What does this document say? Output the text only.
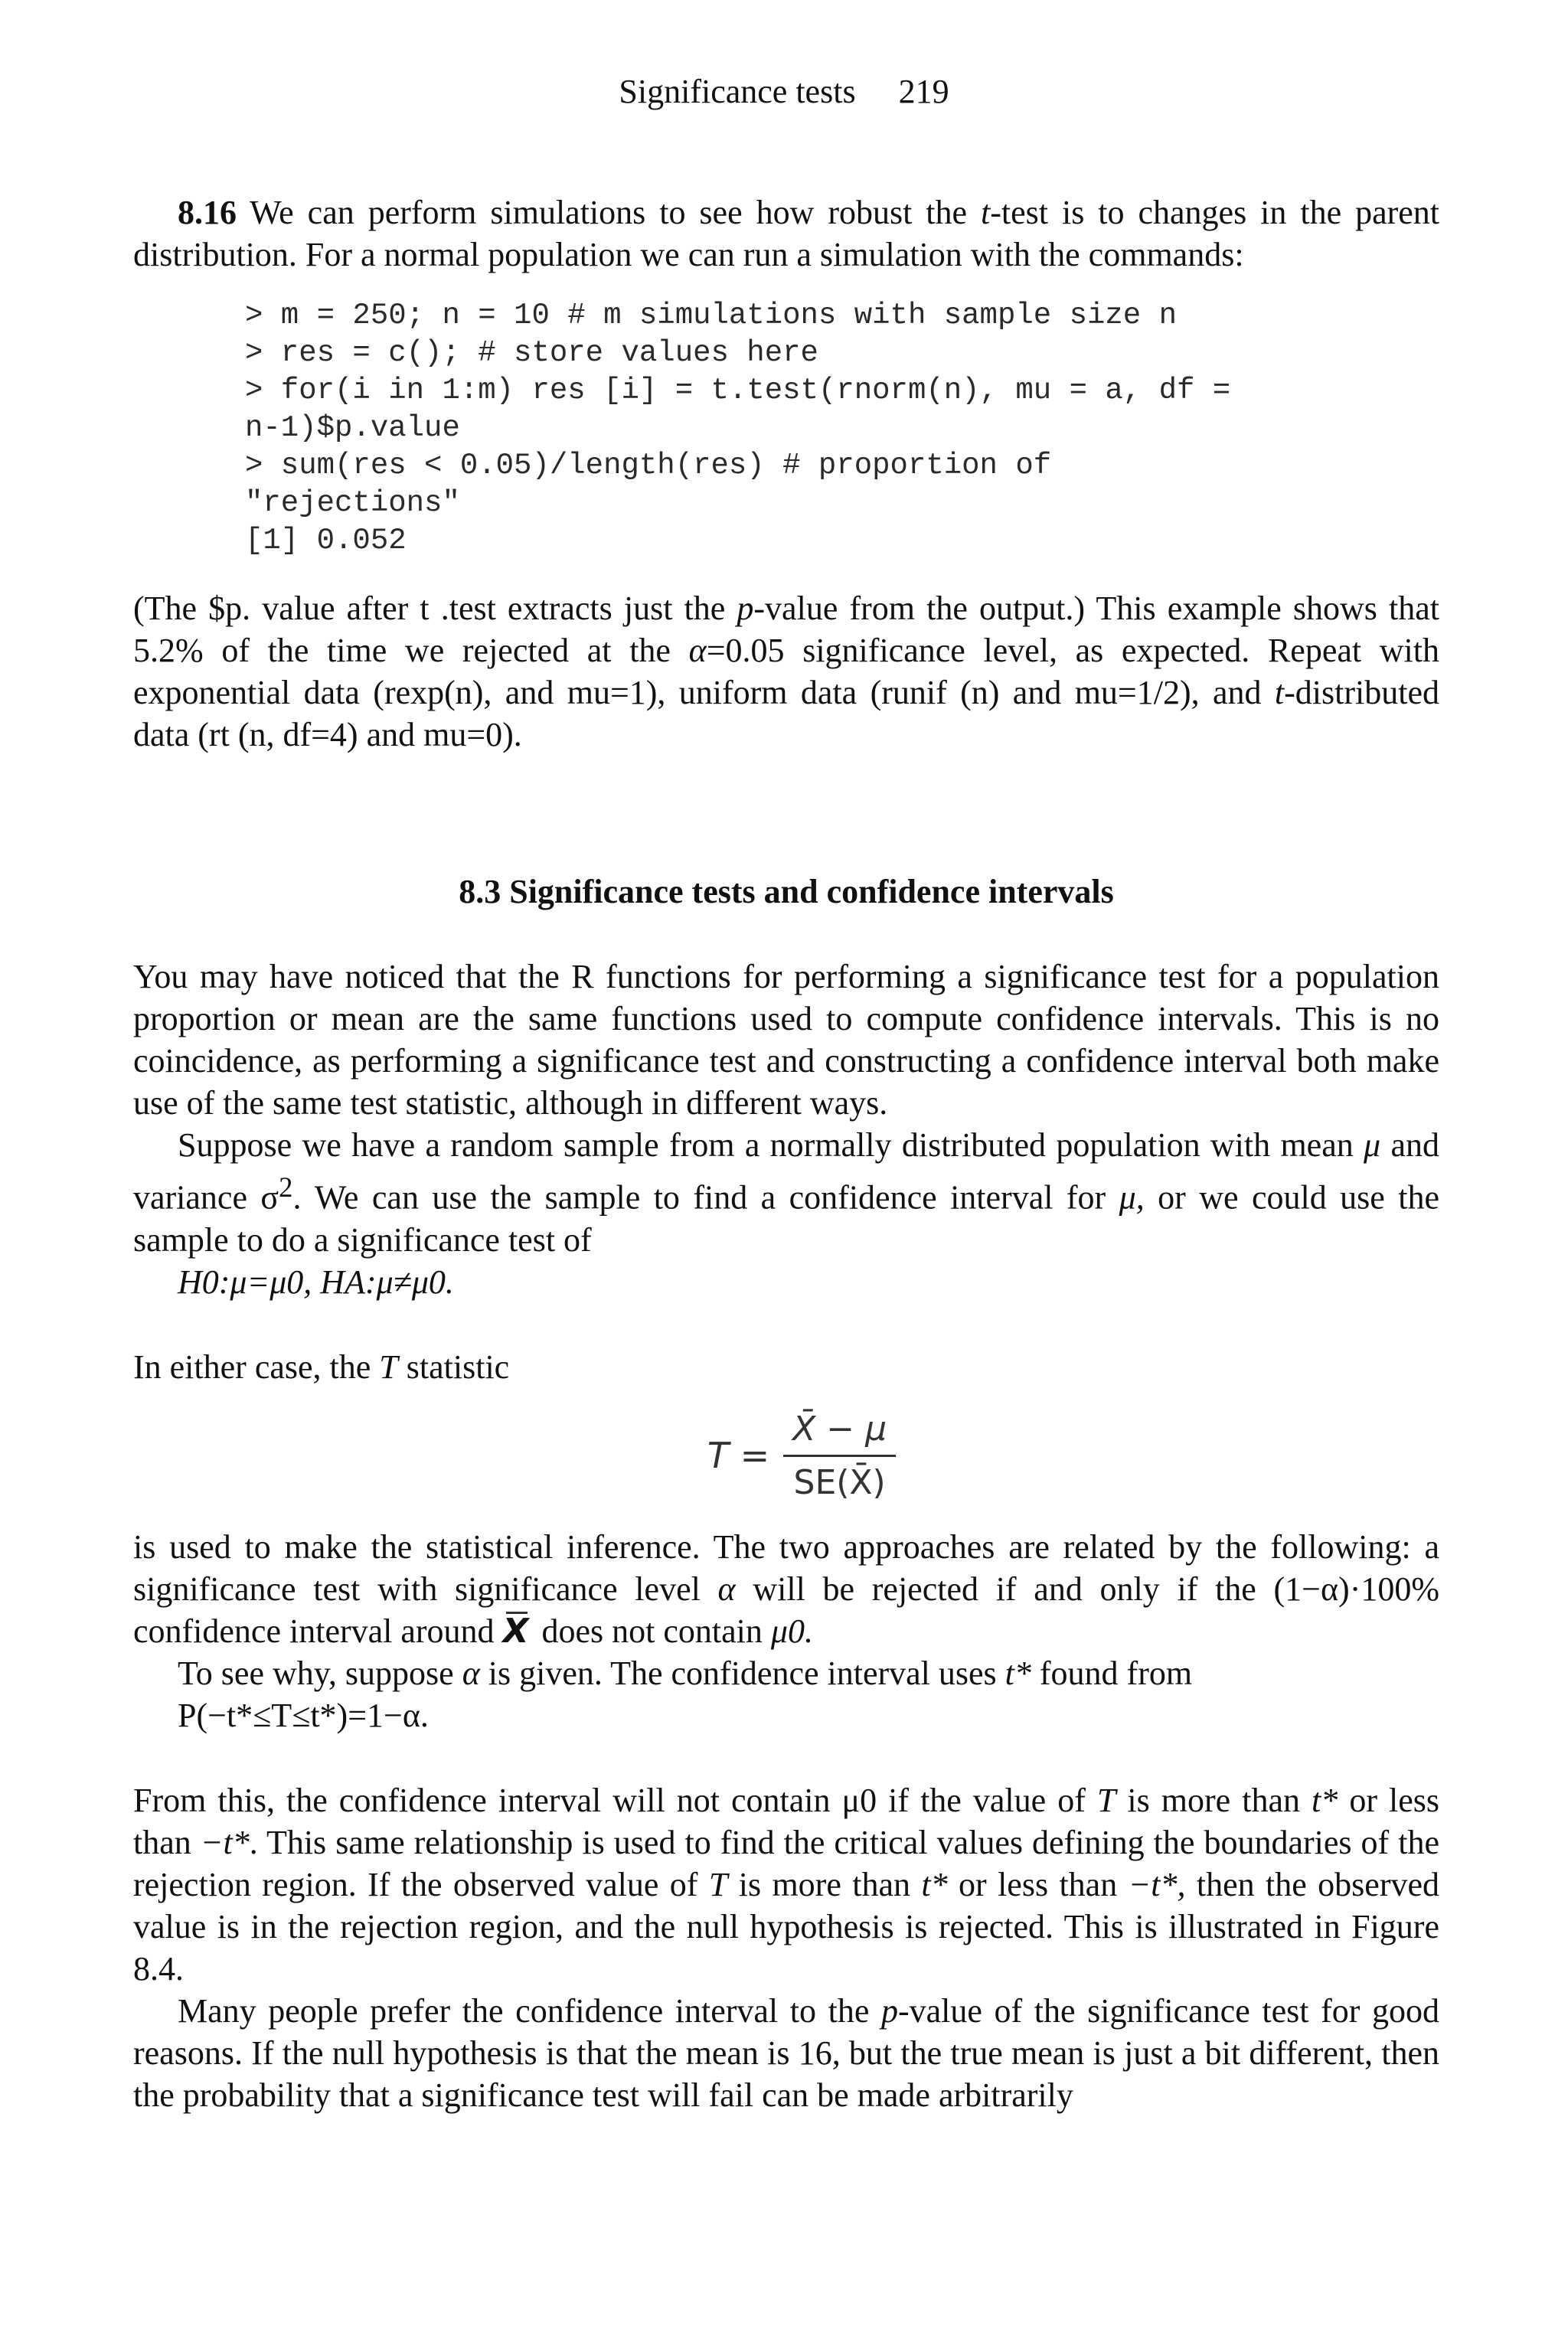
Significance tests 219

8.16 We can perform simulations to see how robust the t-test is to changes in the parent distribution. For a normal population we can run a simulation with the commands:

> m = 250; n = 10 # m simulations with sample size n
> res = c(); # store values here
> for(i in 1:m) res [i] = t.test(rnorm(n), mu = a, df =
n-1)$p.value
> sum(res < 0.05)/length(res) # proportion of
"rejections"
[1] 0.052

(The $p. value after t .test extracts just the p-value from the output.) This example shows that 5.2% of the time we rejected at the α=0.05 significance level, as expected. Repeat with exponential data (rexp(n), and mu=1), uniform data (runif (n) and mu=1/2), and t-distributed data (rt (n, df=4) and mu=0).

8.3 Significance tests and confidence intervals

You may have noticed that the R functions for performing a significance test for a population proportion or mean are the same functions used to compute confidence intervals. This is no coincidence, as performing a significance test and constructing a confidence interval both make use of the same test statistic, although in different ways.

Suppose we have a random sample from a normally distributed population with mean μ and variance $\sigma^2$. We can use the sample to find a confidence interval for μ, or we could use the sample to do a significance test of

H0:μ=μ0, HA:μ≠μ0.

In either case, the T statistic

$T = \frac{X̄ - \mu}{SE(X̄)}$

is used to make the statistical inference. The two approaches are related by the following: a significance test with significance level α will be rejected if and only if the (1−α)·100% confidence interval around X does not contain μ0.

To see why, suppose α is given. The confidence interval uses t* found from

P(−t*≤T≤t*)=1−α.

From this, the confidence interval will not contain μ0 if the value of T is more than t* or less than −t*. This same relationship is used to find the critical values defining the boundaries of the rejection region. If the observed value of T is more than t* or less than −t*, then the observed value is in the rejection region, and the null hypothesis is rejected. This is illustrated in Figure 8.4.

Many people prefer the confidence interval to the p-value of the significance test for good reasons. If the null hypothesis is that the mean is 16, but the true mean is just a bit different, then the probability that a significance test will fail can be made arbitrarily
